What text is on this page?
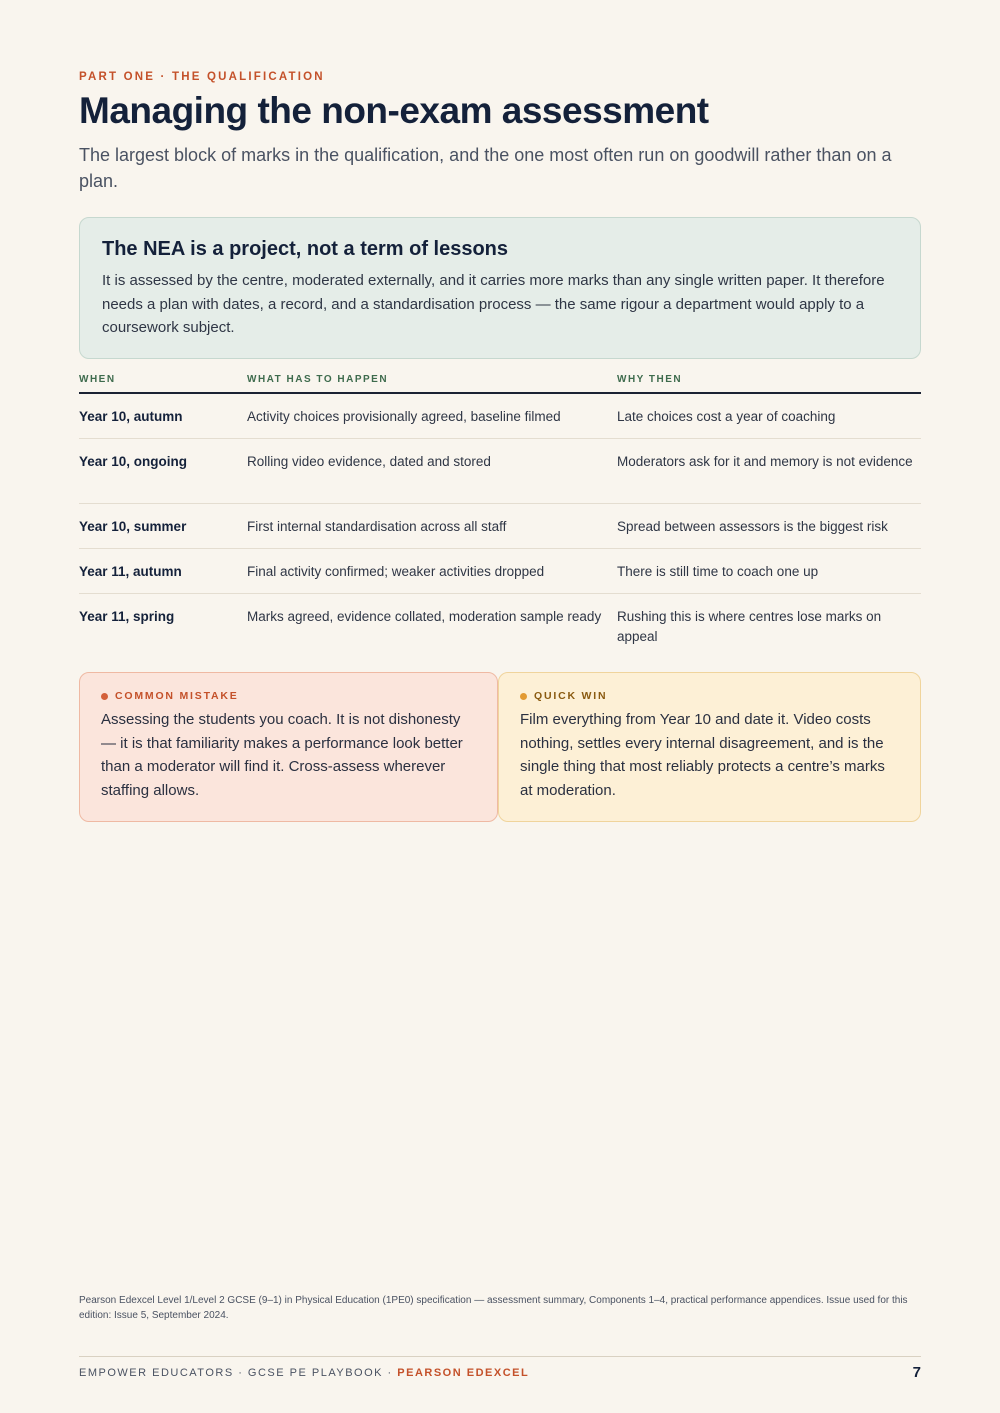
PART ONE · THE QUALIFICATION
Managing the non-exam assessment

The largest block of marks in the qualification, and the one most often run on goodwill rather than on a plan.

The NEA is a project, not a term of lessons

It is assessed by the centre, moderated externally, and it carries more marks than any single written paper. It therefore needs a plan with dates, a record, and a standardisation process — the same rigour a department would apply to a coursework subject.

WHEN	WHAT HAS TO HAPPEN	WHY THEN
Year 10, autumn	Activity choices provisionally agreed, baseline filmed	Late choices cost a year of coaching
Year 10, ongoing	Rolling video evidence, dated and stored	Moderators ask for it and memory is not evidence
Year 10, summer	First internal standardisation across all staff	Spread between assessors is the biggest risk
Year 11, autumn	Final activity confirmed; weaker activities dropped	There is still time to coach one up
Year 11, spring	Marks agreed, evidence collated, moderation sample ready	Rushing this is where centres lose marks on appeal
COMMON MISTAKE

Assessing the students you coach. It is not dishonesty — it is that familiarity makes a performance look better than a moderator will find it. Cross-assess wherever staffing allows.

QUICK WIN

Film everything from Year 10 and date it. Video costs nothing, settles every internal disagreement, and is the single thing that most reliably protects a centre’s marks at moderation.

Pearson Edexcel Level 1/Level 2 GCSE (9–1) in Physical Education (1PE0) specification — assessment summary, Components 1–4, practical performance appendices. Issue used for this edition: Issue 5, September 2024.

EMPOWER EDUCATORS · GCSE PE PLAYBOOK · PEARSON EDEXCEL	7
